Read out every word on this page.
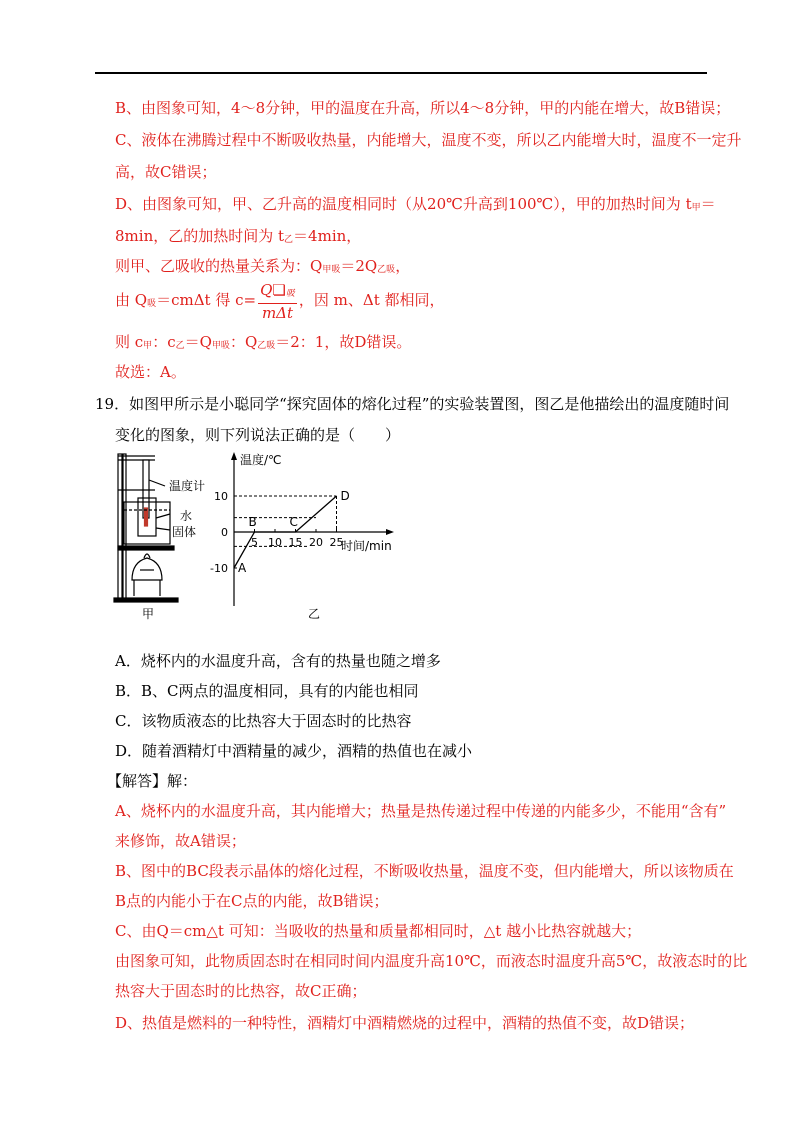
B、由图象可知，4～8分钟，甲的温度在升高，所以4～8分钟，甲的内能在增大，故B错误；
C、液体在沸腾过程中不断吸收热量，内能增大，温度不变，所以乙内能增大时，温度不一定升
高，故C错误；
D、由图象可知，甲、乙升高的温度相同时（从20℃升高到100℃），甲的加热时间为 t甲＝
8min，乙的加热时间为 t乙＝4min，
则甲、乙吸收的热量关系为：Q甲吸＝2Q乙吸，
由 Q吸＝cmΔt 得 $c= \frac{\text{Q❏吸}}{\text{mΔt}}$ ，因 m、Δt 都相同，
则 c甲：c乙＝Q甲吸：Q乙吸＝2：1，故D错误。
故选：A。
19．如图甲所示是小聪同学“探究固体的熔化过程”的实验装置图，图乙是他描绘出的温度随时间
变化的图象，则下列说法正确的是（　　）
温度计
水
固体
甲
温度/℃
时间/min
5 10 15 20 25
-10
0
10
A
B	C
D
乙
A．烧杯内的水温度升高，含有的热量也随之增多
B．B、C两点的温度相同，具有的内能也相同
C．该物质液态的比热容大于固态时的比热容
D．随着酒精灯中酒精量的减少，酒精的热值也在减小
【解答】解：
A、烧杯内的水温度升高，其内能增大；热量是热传递过程中传递的内能多少，不能用“含有”
来修饰，故A错误；
B、图中的BC段表示晶体的熔化过程，不断吸收热量，温度不变，但内能增大，所以该物质在
B点的内能小于在C点的内能，故B错误；
C、由Q＝cm△t 可知：当吸收的热量和质量都相同时，△t 越小比热容就越大；
由图象可知，此物质固态时在相同时间内温度升高10℃，而液态时温度升高5℃，故液态时的比
热容大于固态时的比热容，故C正确；
D、热值是燃料的一种特性，酒精灯中酒精燃烧的过程中，酒精的热值不变，故D错误；
